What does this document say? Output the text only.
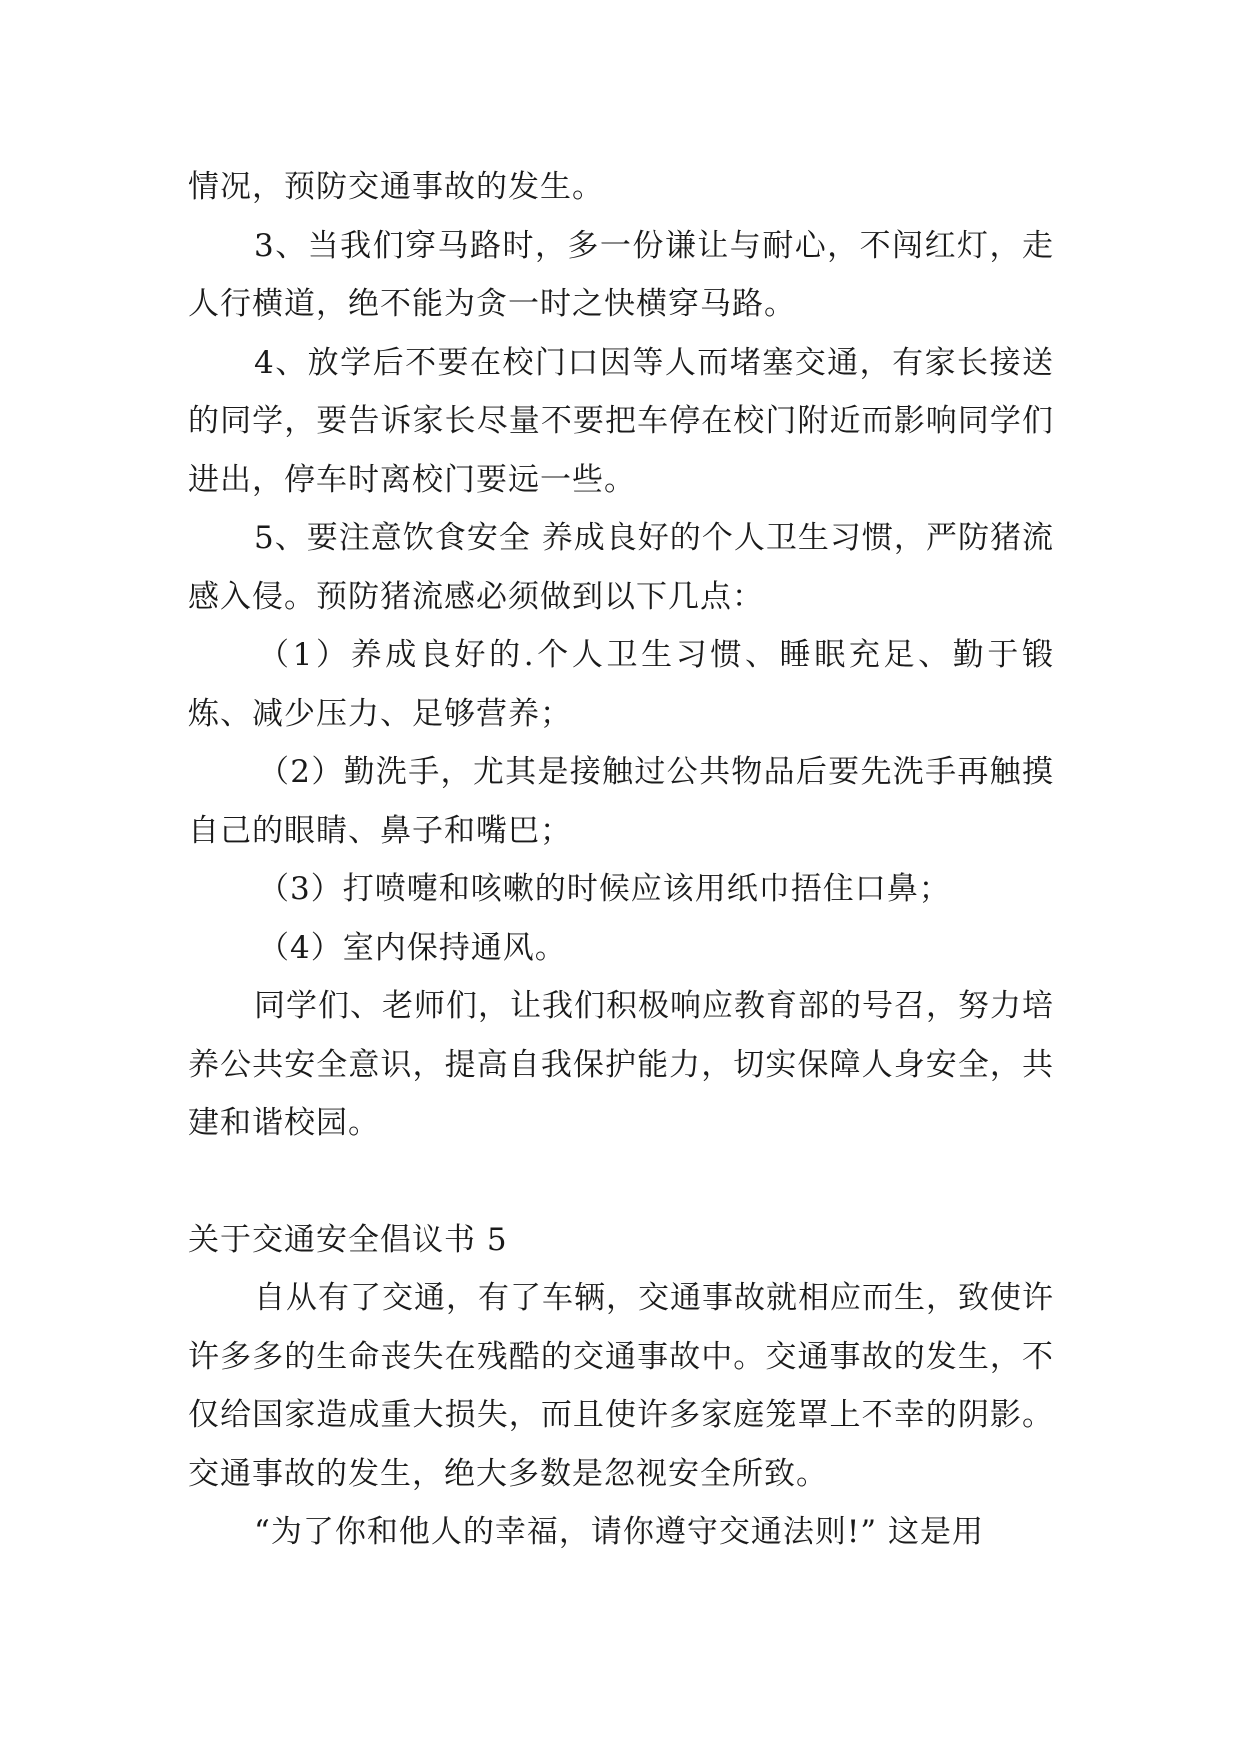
情况，预防交通事故的发生。

3、当我们穿马路时，多一份谦让与耐心，不闯红灯，走人行横道，绝不能为贪一时之快横穿马路。

4、放学后不要在校门口因等人而堵塞交通，有家长接送的同学，要告诉家长尽量不要把车停在校门附近而影响同学们进出，停车时离校门要远一些。

5、要注意饮食安全 养成良好的个人卫生习惯，严防猪流感入侵。预防猪流感必须做到以下几点：

（1）养成良好的.个人卫生习惯、睡眠充足、勤于锻炼、减少压力、足够营养；

（2）勤洗手，尤其是接触过公共物品后要先洗手再触摸自己的眼睛、鼻子和嘴巴；

（3）打喷嚏和咳嗽的时候应该用纸巾捂住口鼻；

（4）室内保持通风。

同学们、老师们，让我们积极响应教育部的号召，努力培养公共安全意识，提高自我保护能力，切实保障人身安全，共建和谐校园。

关于交通安全倡议书 5

自从有了交通，有了车辆，交通事故就相应而生，致使许许多多的生命丧失在残酷的交通事故中。交通事故的发生，不仅给国家造成重大损失，而且使许多家庭笼罩上不幸的阴影。交通事故的发生，绝大多数是忽视安全所致。

“为了你和他人的幸福，请你遵守交通法则!” 这是用
